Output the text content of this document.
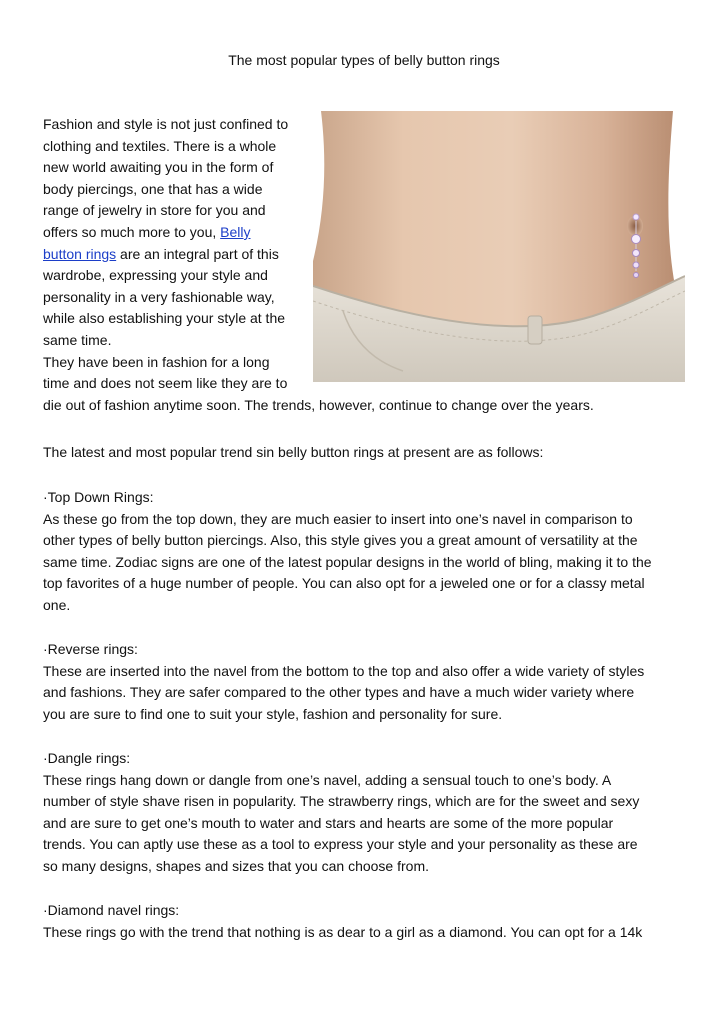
The most popular types of belly button rings
Fashion and style is not just confined to
clothing and textiles. There is a whole
new world awaiting you in the form of
body piercings, one that has a wide
range of jewelry in store for you and
offers so much more to you, Belly
button rings are an integral part of this
wardrobe, expressing your style and
personality in a very fashionable way,
while also establishing your style at the
same time.
They have been in fashion for a long
time and does not seem like they are to
die out of fashion anytime soon. The trends, however, continue to change over the years.

The latest and most popular trend sin belly button rings at present are as follows:

·Top Down Rings:
As these go from the top down, they are much easier to insert into one’s navel in comparison to
other types of belly button piercings. Also, this style gives you a great amount of versatility at the
same time. Zodiac signs are one of the latest popular designs in the world of bling, making it to the
top favorites of a huge number of people. You can also opt for a jeweled one or for a classy metal
one.
·Reverse rings:
These are inserted into the navel from the bottom to the top and also offer a wide variety of styles
and fashions. They are safer compared to the other types and have a much wider variety where
you are sure to find one to suit your style, fashion and personality for sure.
·Dangle rings:
These rings hang down or dangle from one’s navel, adding a sensual touch to one’s body. A
number of style shave risen in popularity. The strawberry rings, which are for the sweet and sexy
and are sure to get one’s mouth to water and stars and hearts are some of the more popular
trends. You can aptly use these as a tool to express your style and your personality as these are
so many designs, shapes and sizes that you can choose from.
·Diamond navel rings:
These rings go with the trend that nothing is as dear to a girl as a diamond. You can opt for a 14k
